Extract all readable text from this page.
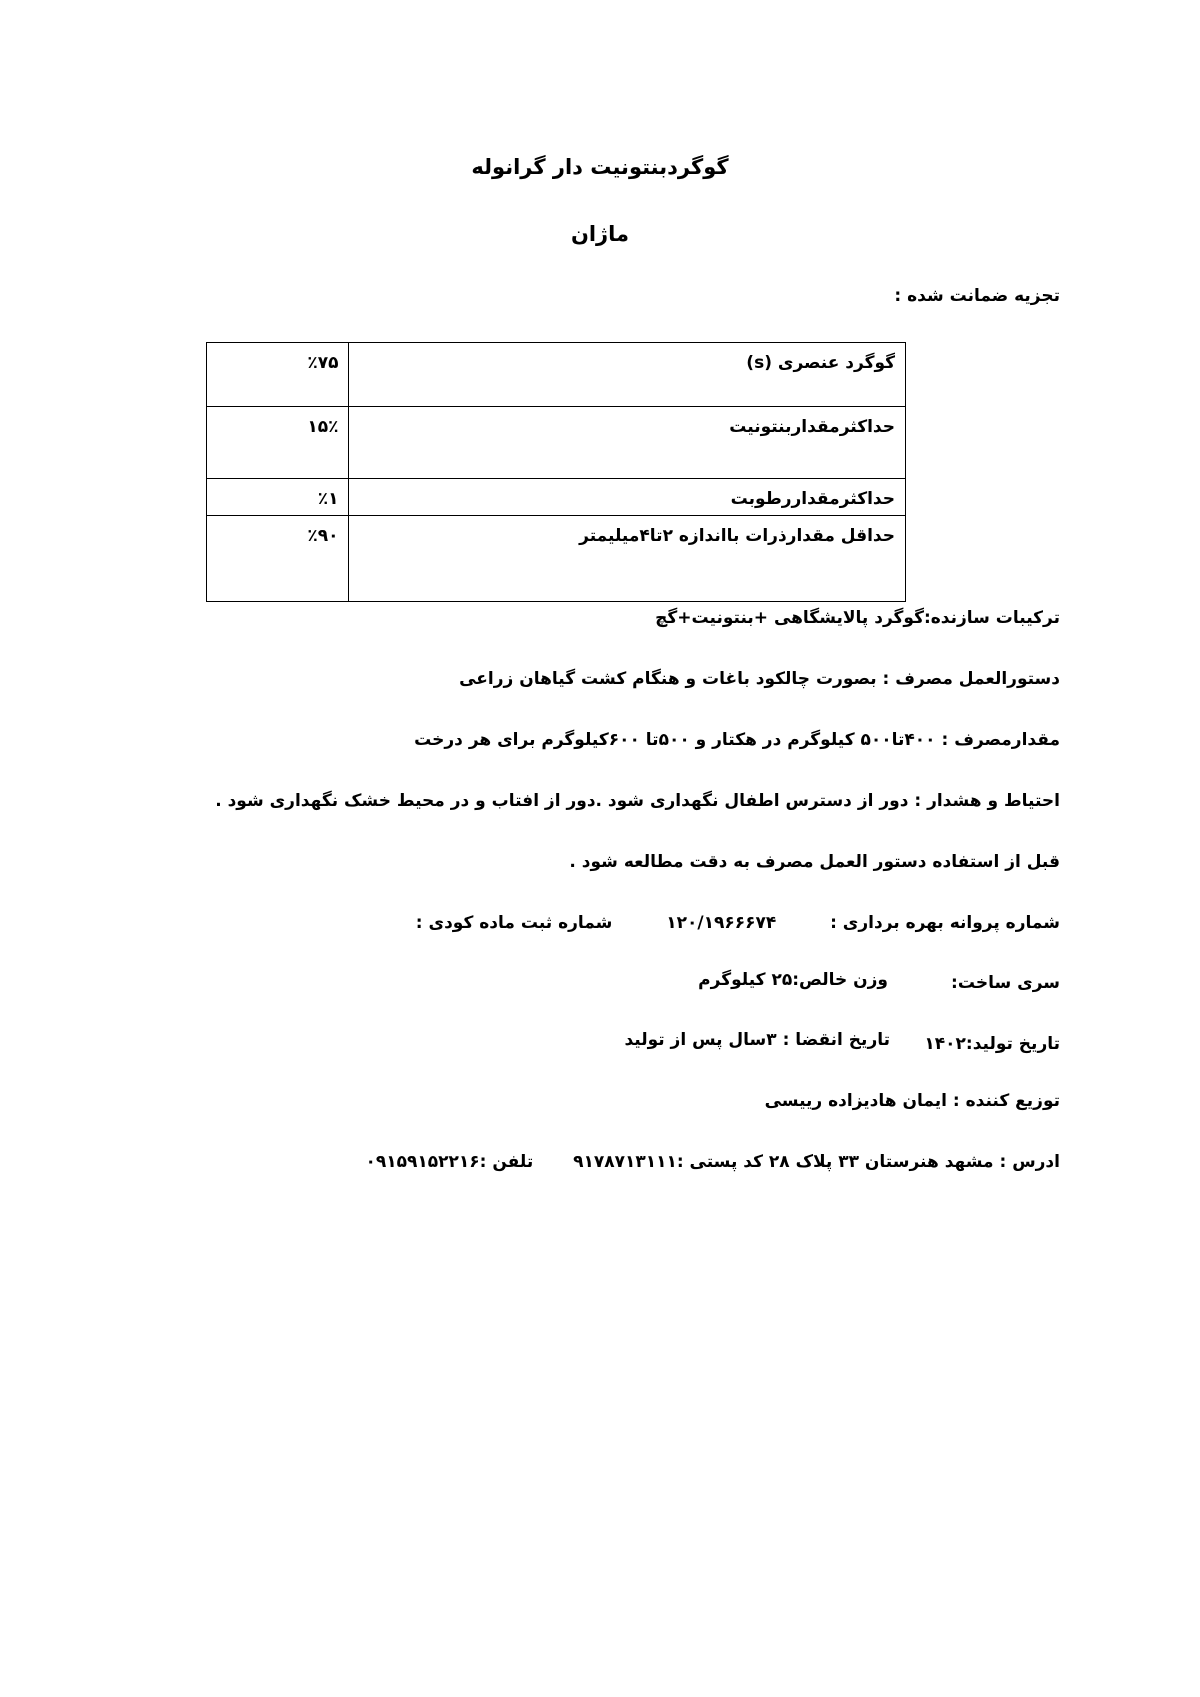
گوگردبنتونیت دار گرانوله
ماژان
تجزیه ضمانت شده :
گوگرد عنصری (s)	٪۷۵
حداکثرمقداربنتونیت	۱۵٪
حداکثرمقداررطوبت	٪۱
حداقل مقدارذرات بااندازه ۲تا۴میلیمتر	٪۹۰
ترکیبات سازنده:گوگرد پالایشگاهی +بنتونیت+گچ
دستورالعمل مصرف : بصورت چالکود باغات و هنگام کشت گیاهان زراعی
مقدارمصرف : ۴۰۰تا۵۰۰ کیلوگرم در هکتار و ۵۰۰تا ۶۰۰کیلوگرم برای هر درخت
احتیاط و هشدار : دور از دسترس اطفال نگهداری شود .دور از افتاب و در محیط خشک نگهداری شود .
قبل از استفاده دستور العمل مصرف به دقت مطالعه شود .
شماره پروانه بهره برداری :  ۱۲۰/۱۹۶۶۶۷۴  شماره ثبت ماده کودی :
سری ساخت:
وزن خالص:۲۵ کیلوگرم
تاریخ تولید:۱۴۰۲
تاریخ انقضا : ۳سال پس از تولید
توزیع کننده : ایمان هادیزاده رییسی
ادرس : مشهد هنرستان ۳۳ پلاک ۲۸ کد پستی :۹۱۷۸۷۱۳۱۱۱  تلفن :۰۹۱۵۹۱۵۲۲۱۶
